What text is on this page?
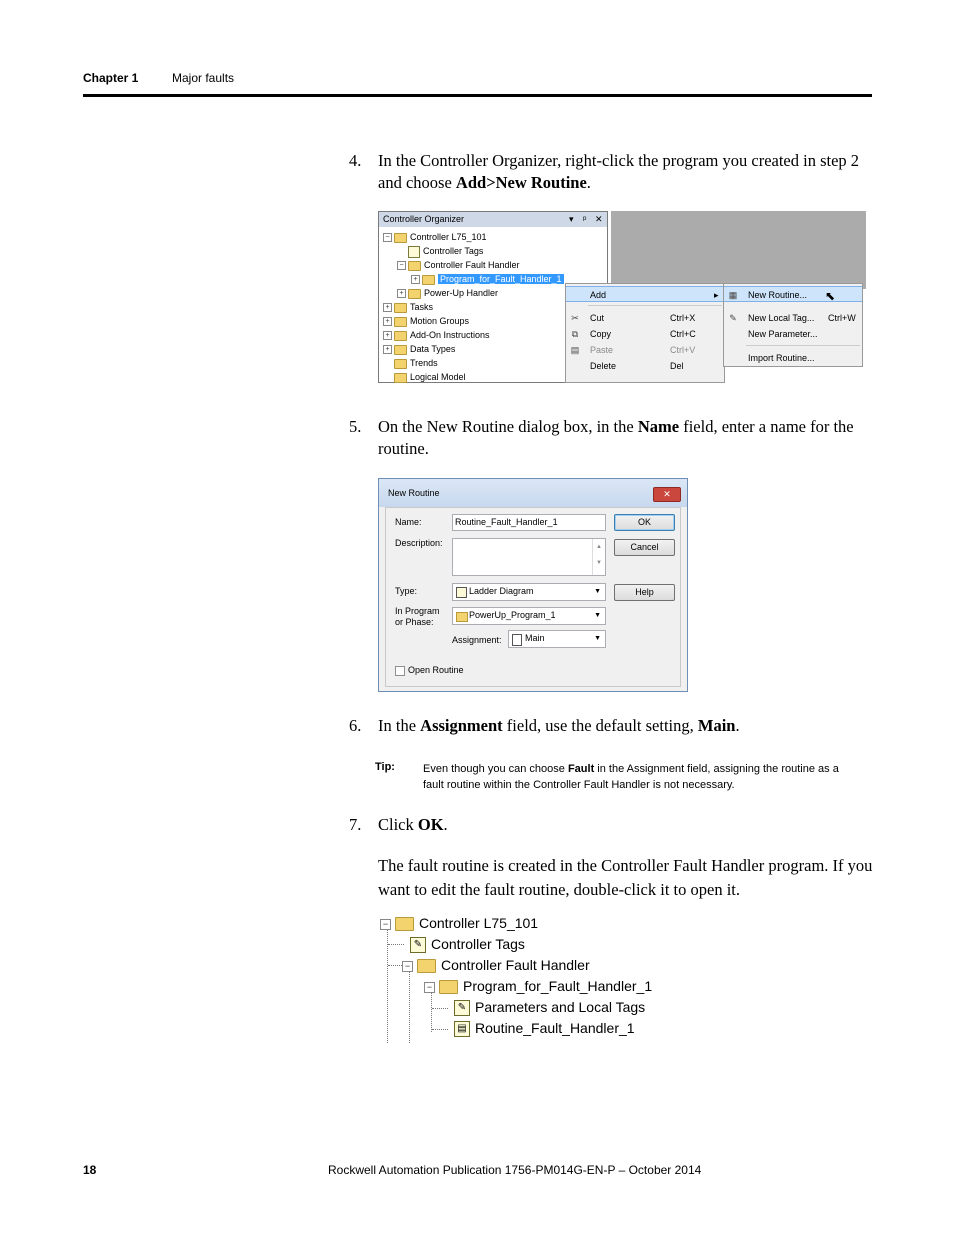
Chapter 1	Major faults
4.	In the Controller Organizer, right-click the program you created in step 2 and choose Add>New Routine.
Controller Organizer	▾ ᵖ ✕
− Controller L75_101
Controller Tags
− Controller Fault Handler
+ Program_for_Fault_Handler_1
+ Power-Up Handler
+ Tasks
+ Motion Groups
+ Add-On Instructions
+ Data Types
Trends
Logical Model
Add	▸
✂ Cut	Ctrl+X
⧉ Copy	Ctrl+C
▤ Paste	Ctrl+V
Delete	Del
▦ New Routine...
✎ New Local Tag... Ctrl+W
New Parameter...
Import Routine...
⬉
5.	On the New Routine dialog box, in the Name field, enter a name for the routine.
New Routine	✕
Name:	Routine_Fault_Handler_1
Description:	▲
▼
Type:	Ladder Diagram	▼
In Program
or Phase:
PowerUp_Program_1	▼
Assignment:	Main	▼
Open Routine
OK
Cancel
Help
6.	In the Assignment field, use the default setting, Main.
Tip:	Even though you can choose Fault in the Assignment field, assigning the routine as a fault routine within the Controller Fault Handler is not necessary.
7.	Click OK.
The fault routine is created in the Controller Fault Handler program. If you want to edit the fault routine, double-click it to open it.
− Controller L75_101
✎ Controller Tags
− Controller Fault Handler
− Program_for_Fault_Handler_1
✎ Parameters and Local Tags
▤ Routine_Fault_Handler_1
18	Rockwell Automation Publication 1756-PM014G-EN-P – October 2014
